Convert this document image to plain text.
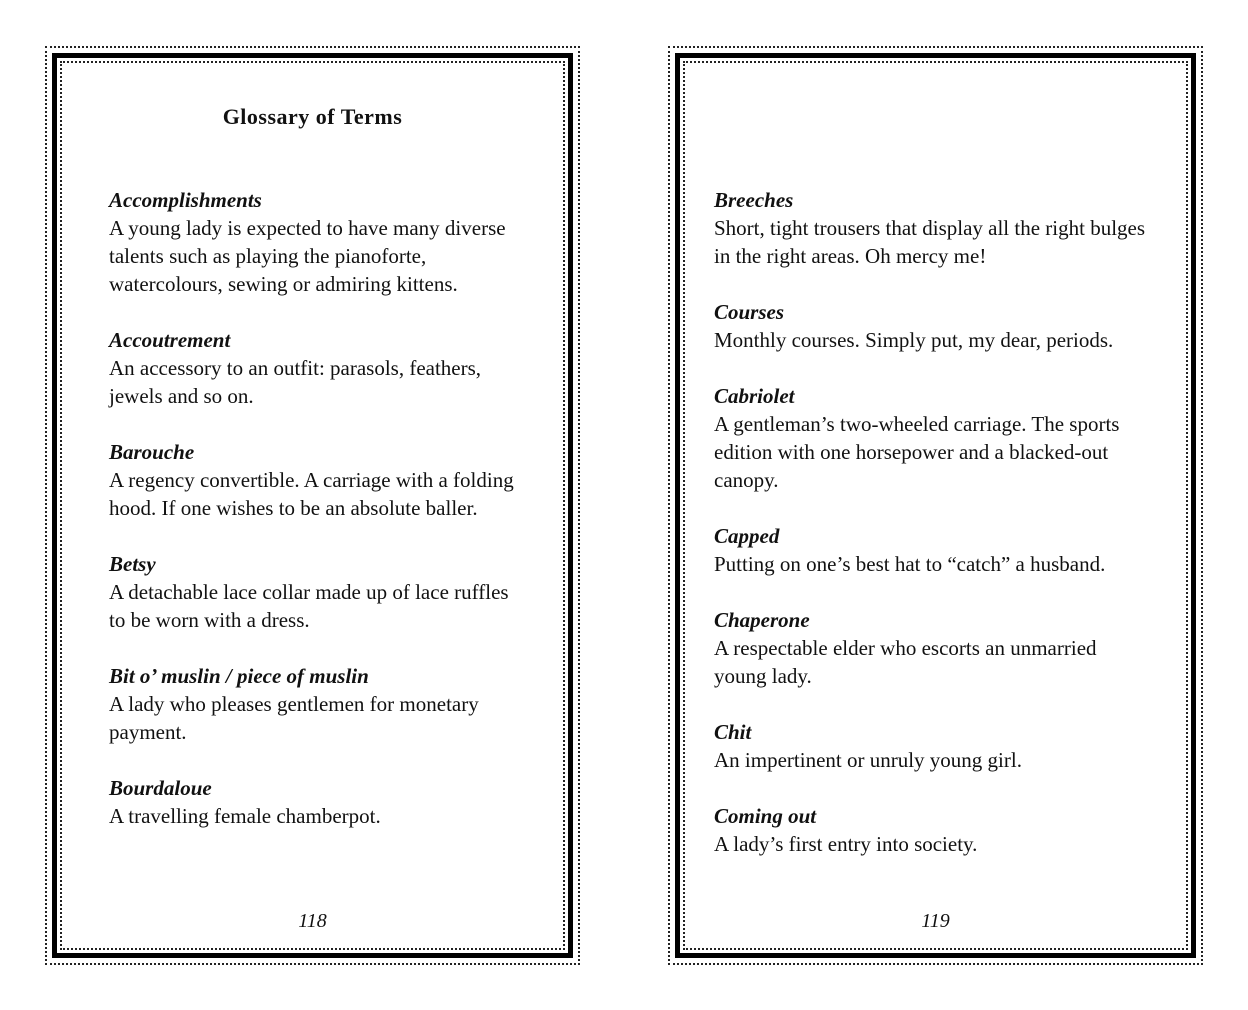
Glossary of Terms
Accomplishments
A young lady is expected to have many diverse talents such as playing the pianoforte, watercolours, sewing or admiring kittens.
Accoutrement
An accessory to an outfit: parasols, feathers, jewels and so on.
Barouche
A regency convertible. A carriage with a folding hood. If one wishes to be an absolute baller.
Betsy
A detachable lace collar made up of lace ruffles to be worn with a dress.
Bit o’ muslin / piece of muslin
A lady who pleases gentlemen for monetary payment.
Bourdaloue
A travelling female chamberpot.
118
Breeches
Short, tight trousers that display all the right bulges in the right areas. Oh mercy me!
Courses
Monthly courses. Simply put, my dear, periods.
Cabriolet
A gentleman’s two-wheeled carriage. The sports edition with one horsepower and a blacked-out canopy.
Capped
Putting on one’s best hat to “catch” a husband.
Chaperone
A respectable elder who escorts an unmarried young lady.
Chit
An impertinent or unruly young girl.
Coming out
A lady’s first entry into society.
119
